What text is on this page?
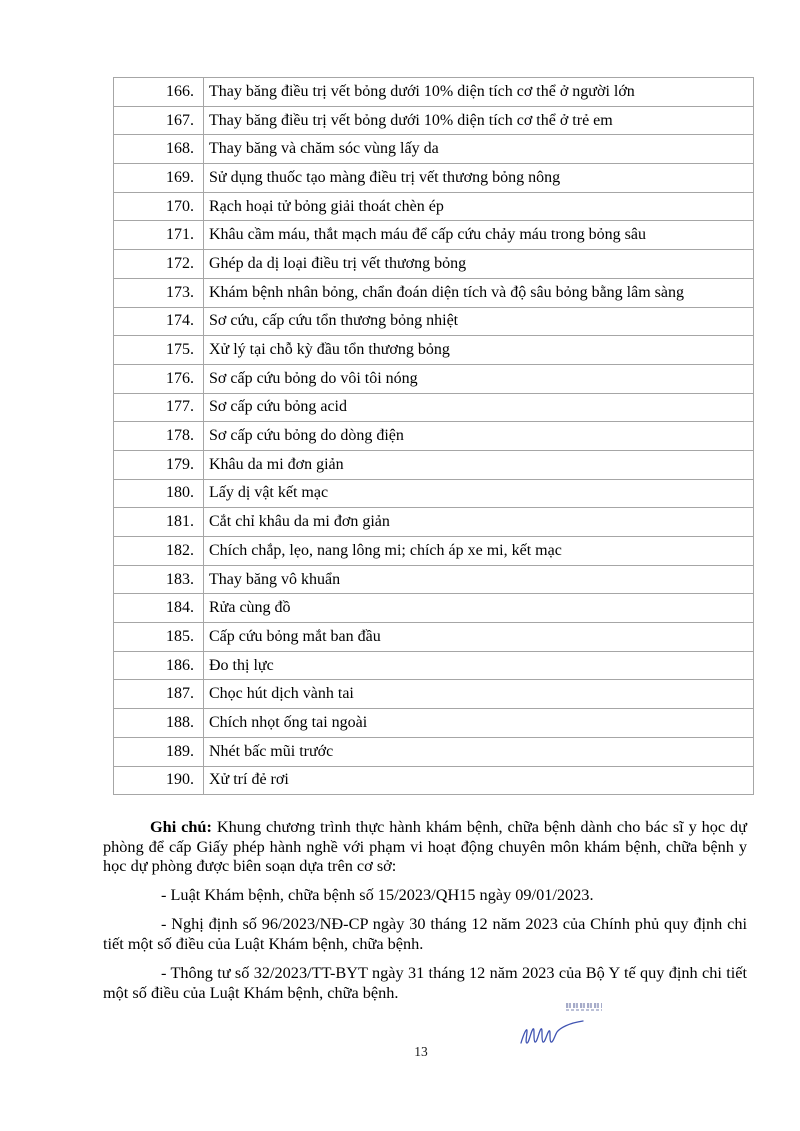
166.	Thay băng điều trị vết bỏng dưới 10% diện tích cơ thể ở người lớn
167.	Thay băng điều trị vết bỏng dưới 10% diện tích cơ thể ở trẻ em
168.	Thay băng và chăm sóc vùng lấy da
169.	Sử dụng thuốc tạo màng điều trị vết thương bỏng nông
170.	Rạch hoại tử bỏng giải thoát chèn ép
171.	Khâu cầm máu, thắt mạch máu để cấp cứu chảy máu trong bỏng sâu
172.	Ghép da dị loại điều trị vết thương bỏng
173.	Khám bệnh nhân bỏng, chẩn đoán diện tích và độ sâu bỏng bằng lâm sàng
174.	Sơ cứu, cấp cứu tổn thương bỏng nhiệt
175.	Xử lý tại chỗ kỳ đầu tổn thương bỏng
176.	Sơ cấp cứu bỏng do vôi tôi nóng
177.	Sơ cấp cứu bỏng acid
178.	Sơ cấp cứu bỏng do dòng điện
179.	Khâu da mi đơn giản
180.	Lấy dị vật kết mạc
181.	Cắt chỉ khâu da mi đơn giản
182.	Chích chắp, lẹo, nang lông mi; chích áp xe mi, kết mạc
183.	Thay băng vô khuẩn
184.	Rửa cùng đồ
185.	Cấp cứu bỏng mắt ban đầu
186.	Đo thị lực
187.	Chọc hút dịch vành tai
188.	Chích nhọt ống tai ngoài
189.	Nhét bấc mũi trước
190.	Xử trí đẻ rơi

Ghi chú: Khung chương trình thực hành khám bệnh, chữa bệnh dành cho bác sĩ y học dự phòng để cấp Giấy phép hành nghề với phạm vi hoạt động chuyên môn khám bệnh, chữa bệnh y học dự phòng được biên soạn dựa trên cơ sở:

- Luật Khám bệnh, chữa bệnh số 15/2023/QH15 ngày 09/01/2023.

- Nghị định số 96/2023/NĐ-CP ngày 30 tháng 12 năm 2023 của Chính phủ quy định chi tiết một số điều của Luật Khám bệnh, chữa bệnh.

- Thông tư số 32/2023/TT-BYT ngày 31 tháng 12 năm 2023 của Bộ Y tế quy định chi tiết một số điều của Luật Khám bệnh, chữa bệnh.

13
